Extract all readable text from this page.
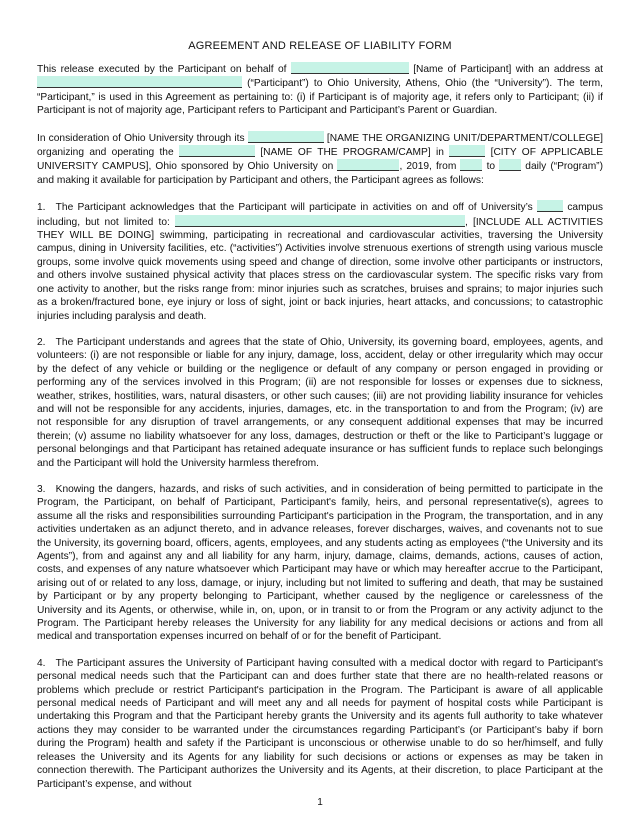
AGREEMENT AND RELEASE OF LIABILITY FORM

This release executed by the Participant on behalf of	[Name of Participant] with an address at  (“Participant”) to Ohio University, Athens, Ohio (the “University”). The term, “Participant,” is used in this Agreement as pertaining to: (i) if Participant is of majority age, it refers only to Participant; (ii) if Participant is not of majority age, Participant refers to Participant and Participant’s Parent or Guardian.

In consideration of Ohio University through its	[NAME THE ORGANIZING UNIT/DEPARTMENT/COLLEGE] organizing and operating the	[NAME OF THE PROGRAM/CAMP] in	[CITY OF APPLICABLE UNIVERSITY CAMPUS], Ohio sponsored by Ohio University on	, 2019, from	to	daily (“Program”) and making it available for participation by Participant and others, the Participant agrees as follows:

1. The Participant acknowledges that the Participant will participate in activities on and off of University’s	campus including, but not limited to:	, [INCLUDE ALL ACTIVITIES THEY WILL BE DOING] swimming, participating in recreational and cardiovascular activities, traversing the University campus, dining in University facilities, etc. (“activities”) Activities involve strenuous exertions of strength using various muscle groups, some involve quick movements using speed and change of direction, some involve other participants or instructors, and others involve sustained physical activity that places stress on the cardiovascular system. The specific risks vary from one activity to another, but the risks range from: minor injuries such as scratches, bruises and sprains; to major injuries such as a broken/fractured bone, eye injury or loss of sight, joint or back injuries, heart attacks, and concussions; to catastrophic injuries including paralysis and death.

2. The Participant understands and agrees that the state of Ohio, University, its governing board, employees, agents, and volunteers: (i) are not responsible or liable for any injury, damage, loss, accident, delay or other irregularity which may occur by the defect of any vehicle or building or the negligence or default of any company or person engaged in providing or performing any of the services involved in this Program; (ii) are not responsible for losses or expenses due to sickness, weather, strikes, hostilities, wars, natural disasters, or other such causes; (iii) are not providing liability insurance for vehicles and will not be responsible for any accidents, injuries, damages, etc. in the transportation to and from the Program; (iv) are not responsible for any disruption of travel arrangements, or any consequent additional expenses that may be incurred therein; (v) assume no liability whatsoever for any loss, damages, destruction or theft or the like to Participant’s luggage or personal belongings and that Participant has retained adequate insurance or has sufficient funds to replace such belongings and the Participant will hold the University harmless therefrom.

3. Knowing the dangers, hazards, and risks of such activities, and in consideration of being permitted to participate in the Program, the Participant, on behalf of Participant, Participant's family, heirs, and personal representative(s), agrees to assume all the risks and responsibilities surrounding Participant's participation in the Program, the transportation, and in any activities undertaken as an adjunct thereto, and in advance releases, forever discharges, waives, and covenants not to sue the University, its governing board, officers, agents, employees, and any students acting as employees (“the University and its Agents”), from and against any and all liability for any harm, injury, damage, claims, demands, actions, causes of action, costs, and expenses of any nature whatsoever which Participant may have or which may hereafter accrue to the Participant, arising out of or related to any loss, damage, or injury, including but not limited to suffering and death, that may be sustained by Participant or by any property belonging to Participant, whether caused by the negligence or carelessness of the University and its Agents, or otherwise, while in, on, upon, or in transit to or from the Program or any activity adjunct to the Program. The Participant hereby releases the University for any liability for any medical decisions or actions and from all medical and transportation expenses incurred on behalf of or for the benefit of Participant.

4. The Participant assures the University of Participant having consulted with a medical doctor with regard to Participant's personal medical needs such that the Participant can and does further state that there are no health-related reasons or problems which preclude or restrict Participant's participation in the Program. The Participant is aware of all applicable personal medical needs of Participant and will meet any and all needs for payment of hospital costs while Participant is undertaking this Program and that the Participant hereby grants the University and its agents full authority to take whatever actions they may consider to be warranted under the circumstances regarding Participant’s (or Participant’s baby if born during the Program) health and safety if the Participant is unconscious or otherwise unable to do so her/himself, and fully releases the University and its Agents for any liability for such decisions or actions or expenses as may be taken in connection therewith. The Participant authorizes the University and its Agents, at their discretion, to place Participant at the Participant’s expense, and without

1
